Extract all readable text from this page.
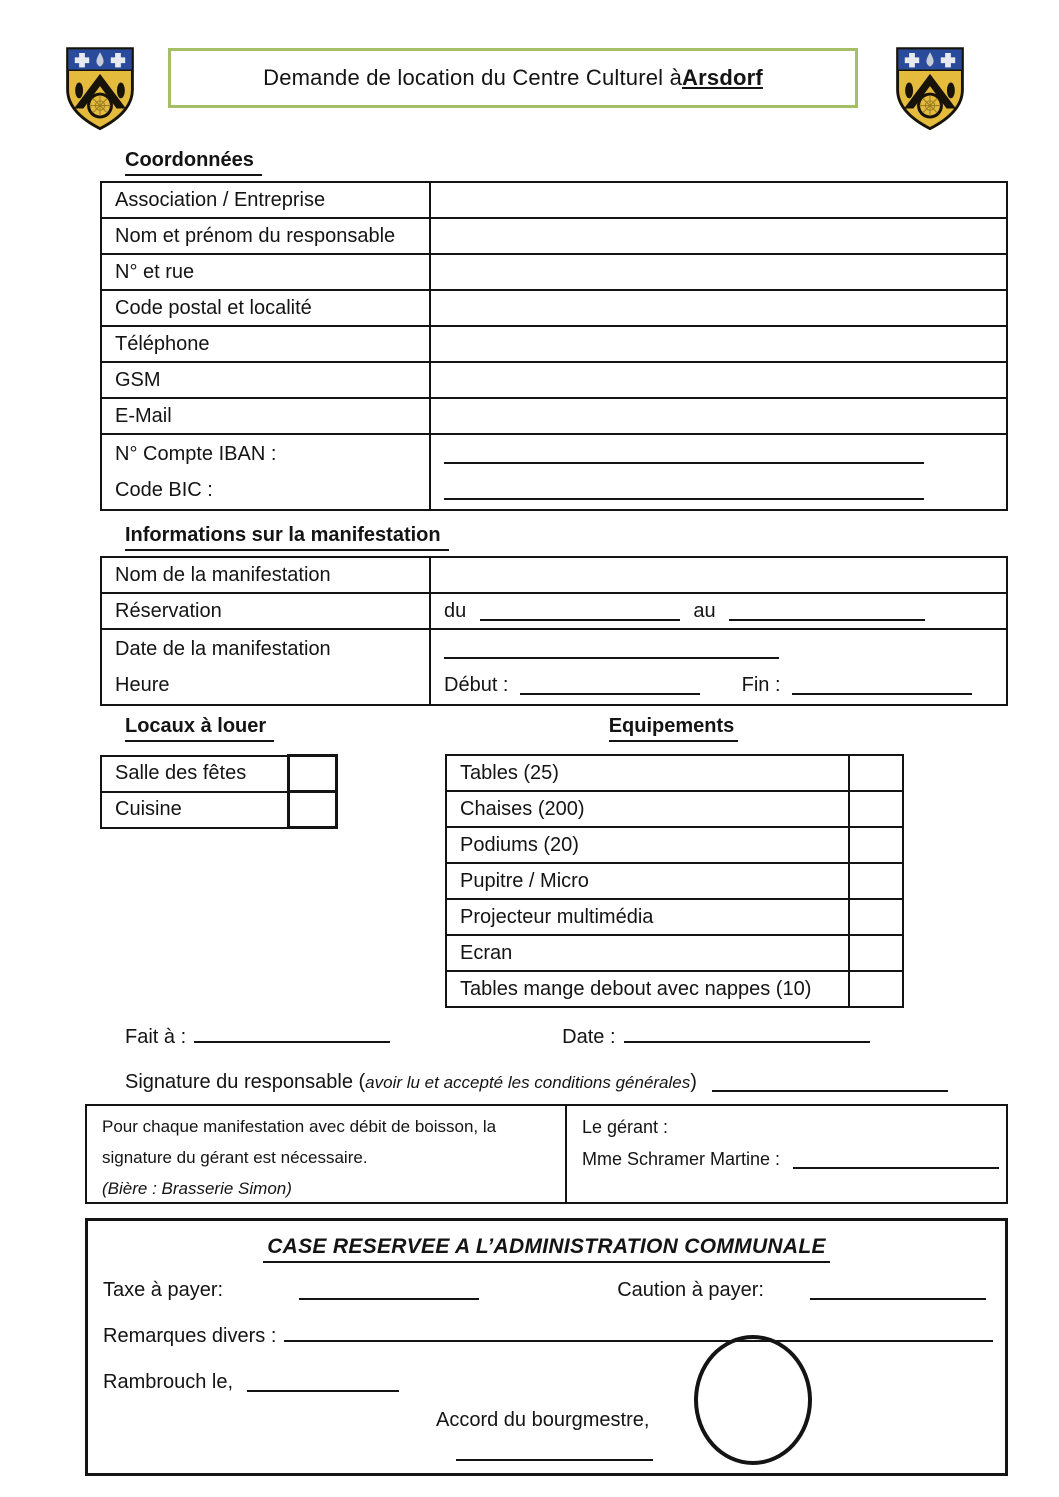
Demande de location du Centre Culturel à Arsdorf
Coordonnées
Association / Entreprise	
Nom et prénom du responsable	
N° et rue	
Code postal et localité	
Téléphone	
GSM	
E-Mail	

N° Compte IBAN :
Code BIC :	

Informations sur la manifestation
Nom de la manifestation	
Réservation	du au

Date de la manifestation
Heure	Début : Fin :
Locaux à louer
Salle des fêtes	
Cuisine	
Equipements
Tables (25)	
Chaises (200)	
Podiums (20)	
Pupitre / Micro	
Projecteur multimédia	
Ecran	
Tables mange debout avec nappes (10)	
Fait à :	Date :
Signature du responsable (avoir lu et accepté les conditions générales)
Pour chaque manifestation avec débit de boisson, la
signature du gérant est nécessaire.
(Bière : Brasserie Simon)
Le gérant :
Mme Schramer Martine :
CASE RESERVEE A L’ADMINISTRATION COMMUNALE
Taxe à payer:	Caution à payer:
Remarques divers :
Rambrouch le,
Accord du bourgmestre,
